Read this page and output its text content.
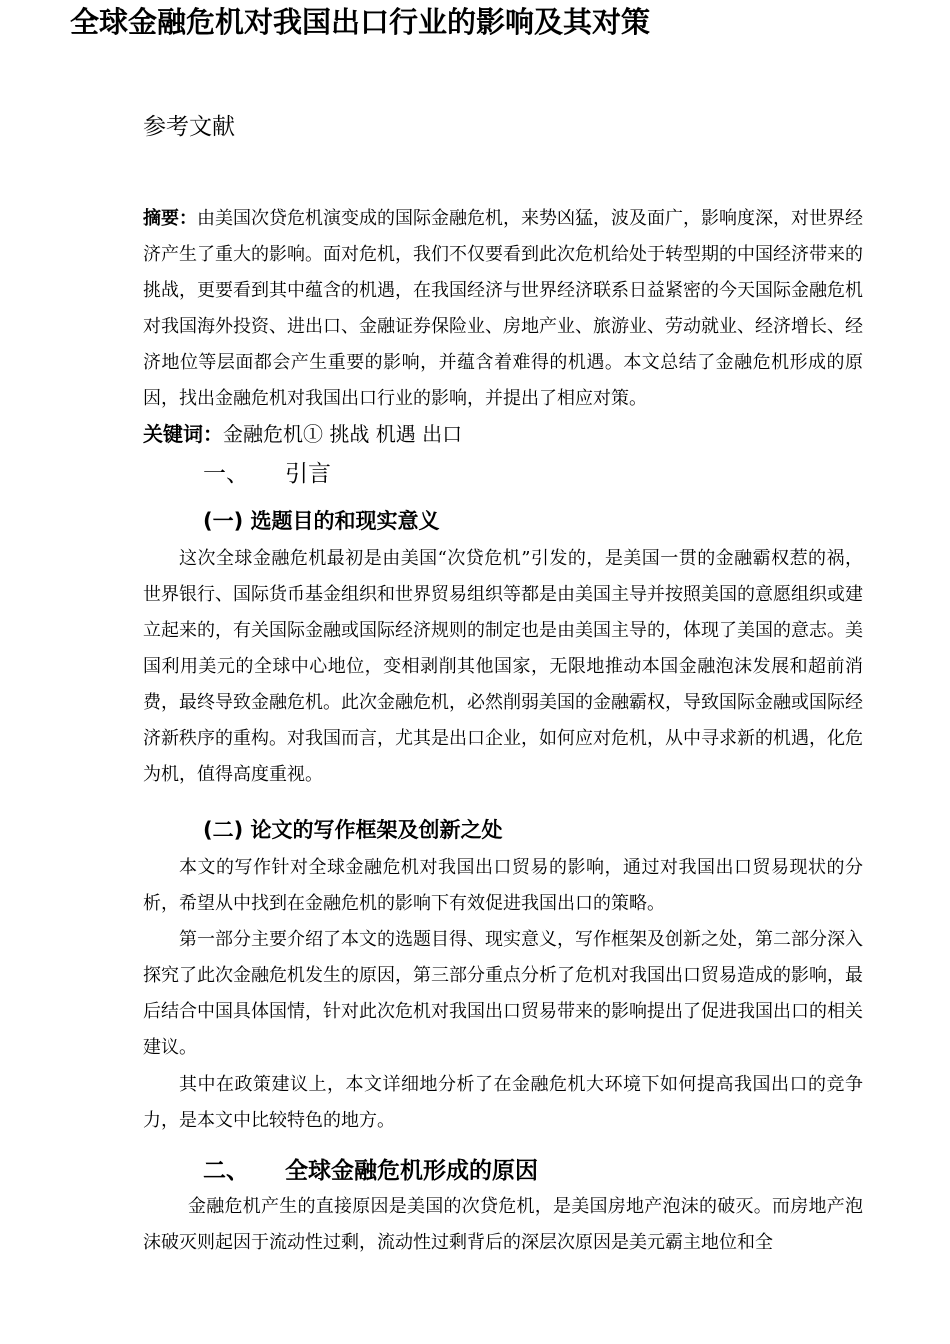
参考文献
全球金融危机对我国出口行业的影响及其对策

摘要：由美国次贷危机演变成的国际金融危机，来势凶猛，波及面广，影响度深，对世界经济产生了重大的影响。面对危机，我们不仅要看到此次危机给处于转型期的中国经济带来的挑战，更要看到其中蕴含的机遇，在我国经济与世界经济联系日益紧密的今天国际金融危机对我国海外投资、进出口、金融证券保险业、房地产业、旅游业、劳动就业、经济增长、经济地位等层面都会产生重要的影响，并蕴含着难得的机遇。本文总结了金融危机形成的原因，找出金融危机对我国出口行业的影响，并提出了相应对策。

关键词：金融危机① 挑战 机遇 出口

一、 引言
(一) 选题目的和现实意义

这次全球金融危机最初是由美国“次贷危机”引发的，是美国一贯的金融霸权惹的祸，世界银行、国际货币基金组织和世界贸易组织等都是由美国主导并按照美国的意愿组织或建立起来的，有关国际金融或国际经济规则的制定也是由美国主导的，体现了美国的意志。美国利用美元的全球中心地位，变相剥削其他国家，无限地推动本国金融泡沫发展和超前消费，最终导致金融危机。此次金融危机，必然削弱美国的金融霸权，导致国际金融或国际经济新秩序的重构。对我国而言，尤其是出口企业，如何应对危机，从中寻求新的机遇，化危为机，值得高度重视。

(二) 论文的写作框架及创新之处

本文的写作针对全球金融危机对我国出口贸易的影响，通过对我国出口贸易现状的分析，希望从中找到在金融危机的影响下有效促进我国出口的策略。

第一部分主要介绍了本文的选题目得、现实意义，写作框架及创新之处，第二部分深入探究了此次金融危机发生的原因，第三部分重点分析了危机对我国出口贸易造成的影响，最后结合中国具体国情，针对此次危机对我国出口贸易带来的影响提出了促进我国出口的相关建议。

其中在政策建议上，本文详细地分析了在金融危机大环境下如何提高我国出口的竞争力，是本文中比较特色的地方。

二、 全球金融危机形成的原因

金融危机产生的直接原因是美国的次贷危机，是美国房地产泡沫的破灭。而房地产泡沫破灭则起因于流动性过剩，流动性过剩背后的深层次原因是美元霸主地位和全
